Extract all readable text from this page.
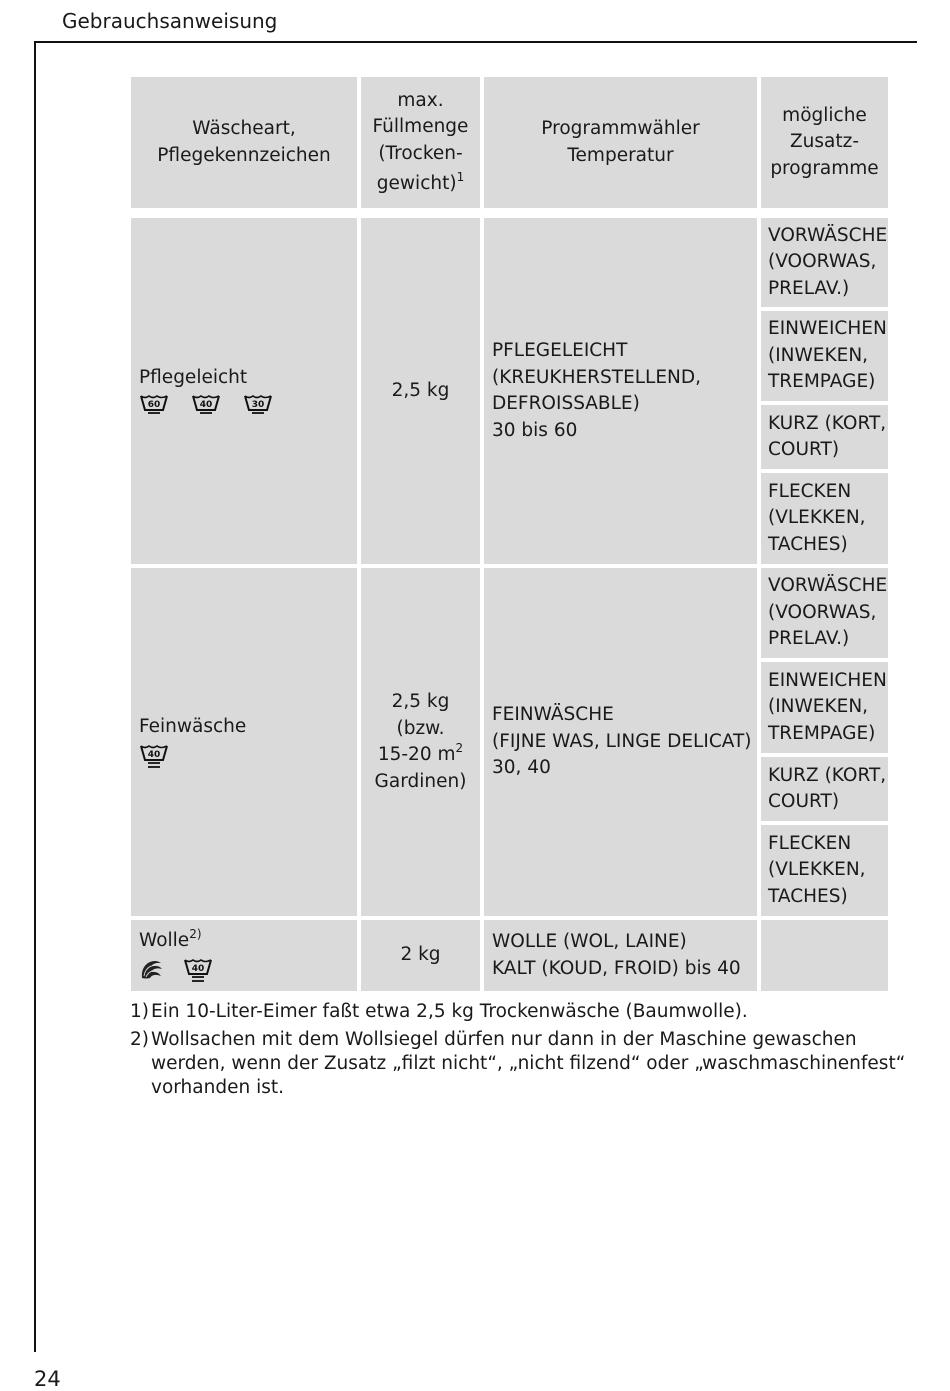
Gebrauchsanweisung
24
Wäscheart,
Pflegekennzeichen
max.
Füllmenge
(Trocken-
gewicht)$^1$
Programmwähler
Temperatur
mögliche
Zusatz-
programme
Pflegeleicht
60	40	30
2,5 kg
PFLEGELEICHT
(KREUKHERSTELLEND,
DEFROISSABLE)
30 bis 60
VORWÄSCHE
(VOORWAS,
PRELAV.)
EINWEICHEN
(INWEKEN,
TREMPAGE)
KURZ (KORT,
COURT)
FLECKEN
(VLEKKEN,
TACHES)
Feinwäsche
40
2,5 kg
(bzw.
15-20 $m^2$
Gardinen)
FEINWÄSCHE
(FIJNE WAS, LINGE DELICAT)
30, 40
VORWÄSCHE
(VOORWAS,
PRELAV.)
EINWEICHEN
(INWEKEN,
TREMPAGE)
KURZ (KORT,
COURT)
FLECKEN
(VLEKKEN,
TACHES)
Wolle$^{2)}$
40
2 kg
WOLLE (WOL, LAINE)
KALT (KOUD, FROID) bis 40
1) Ein 10-Liter-Eimer faßt etwa 2,5 kg Trockenwäsche (Baumwolle).
2) Wollsachen mit dem Wollsiegel dürfen nur dann in der Maschine gewaschen werden, wenn der Zusatz „filzt nicht“, „nicht filzend“ oder „waschmaschinenfest“ vorhanden ist.
